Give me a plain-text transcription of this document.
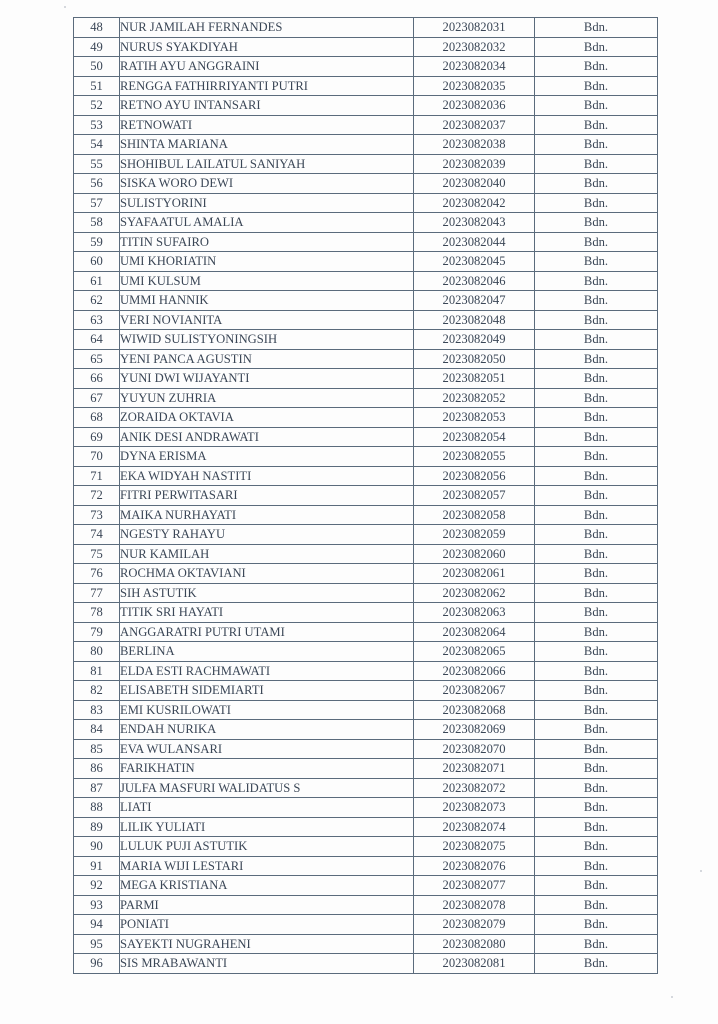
48	NUR JAMILAH FERNANDES	2023082031	Bdn.
49	NURUS SYAKDIYAH	2023082032	Bdn.
50	RATIH AYU ANGGRAINI	2023082034	Bdn.
51	RENGGA FATHIRRIYANTI PUTRI	2023082035	Bdn.
52	RETNO AYU INTANSARI	2023082036	Bdn.
53	RETNOWATI	2023082037	Bdn.
54	SHINTA MARIANA	2023082038	Bdn.
55	SHOHIBUL LAILATUL SANIYAH	2023082039	Bdn.
56	SISKA WORO DEWI	2023082040	Bdn.
57	SULISTYORINI	2023082042	Bdn.
58	SYAFAATUL AMALIA	2023082043	Bdn.
59	TITIN SUFAIRO	2023082044	Bdn.
60	UMI KHORIATIN	2023082045	Bdn.
61	UMI KULSUM	2023082046	Bdn.
62	UMMI HANNIK	2023082047	Bdn.
63	VERI NOVIANITA	2023082048	Bdn.
64	WIWID SULISTYONINGSIH	2023082049	Bdn.
65	YENI PANCA AGUSTIN	2023082050	Bdn.
66	YUNI DWI WIJAYANTI	2023082051	Bdn.
67	YUYUN ZUHRIA	2023082052	Bdn.
68	ZORAIDA OKTAVIA	2023082053	Bdn.
69	ANIK DESI ANDRAWATI	2023082054	Bdn.
70	DYNA ERISMA	2023082055	Bdn.
71	EKA WIDYAH NASTITI	2023082056	Bdn.
72	FITRI PERWITASARI	2023082057	Bdn.
73	MAIKA NURHAYATI	2023082058	Bdn.
74	NGESTY RAHAYU	2023082059	Bdn.
75	NUR KAMILAH	2023082060	Bdn.
76	ROCHMA OKTAVIANI	2023082061	Bdn.
77	SIH ASTUTIK	2023082062	Bdn.
78	TITIK SRI HAYATI	2023082063	Bdn.
79	ANGGARATRI PUTRI UTAMI	2023082064	Bdn.
80	BERLINA	2023082065	Bdn.
81	ELDA ESTI RACHMAWATI	2023082066	Bdn.
82	ELISABETH SIDEMIARTI	2023082067	Bdn.
83	EMI KUSRILOWATI	2023082068	Bdn.
84	ENDAH NURIKA	2023082069	Bdn.
85	EVA WULANSARI	2023082070	Bdn.
86	FARIKHATIN	2023082071	Bdn.
87	JULFA MASFURI WALIDATUS S	2023082072	Bdn.
88	LIATI	2023082073	Bdn.
89	LILIK YULIATI	2023082074	Bdn.
90	LULUK PUJI ASTUTIK	2023082075	Bdn.
91	MARIA WIJI LESTARI	2023082076	Bdn.
92	MEGA KRISTIANA	2023082077	Bdn.
93	PARMI	2023082078	Bdn.
94	PONIATI	2023082079	Bdn.
95	SAYEKTI NUGRAHENI	2023082080	Bdn.
96	SIS MRABAWANTI	2023082081	Bdn.
